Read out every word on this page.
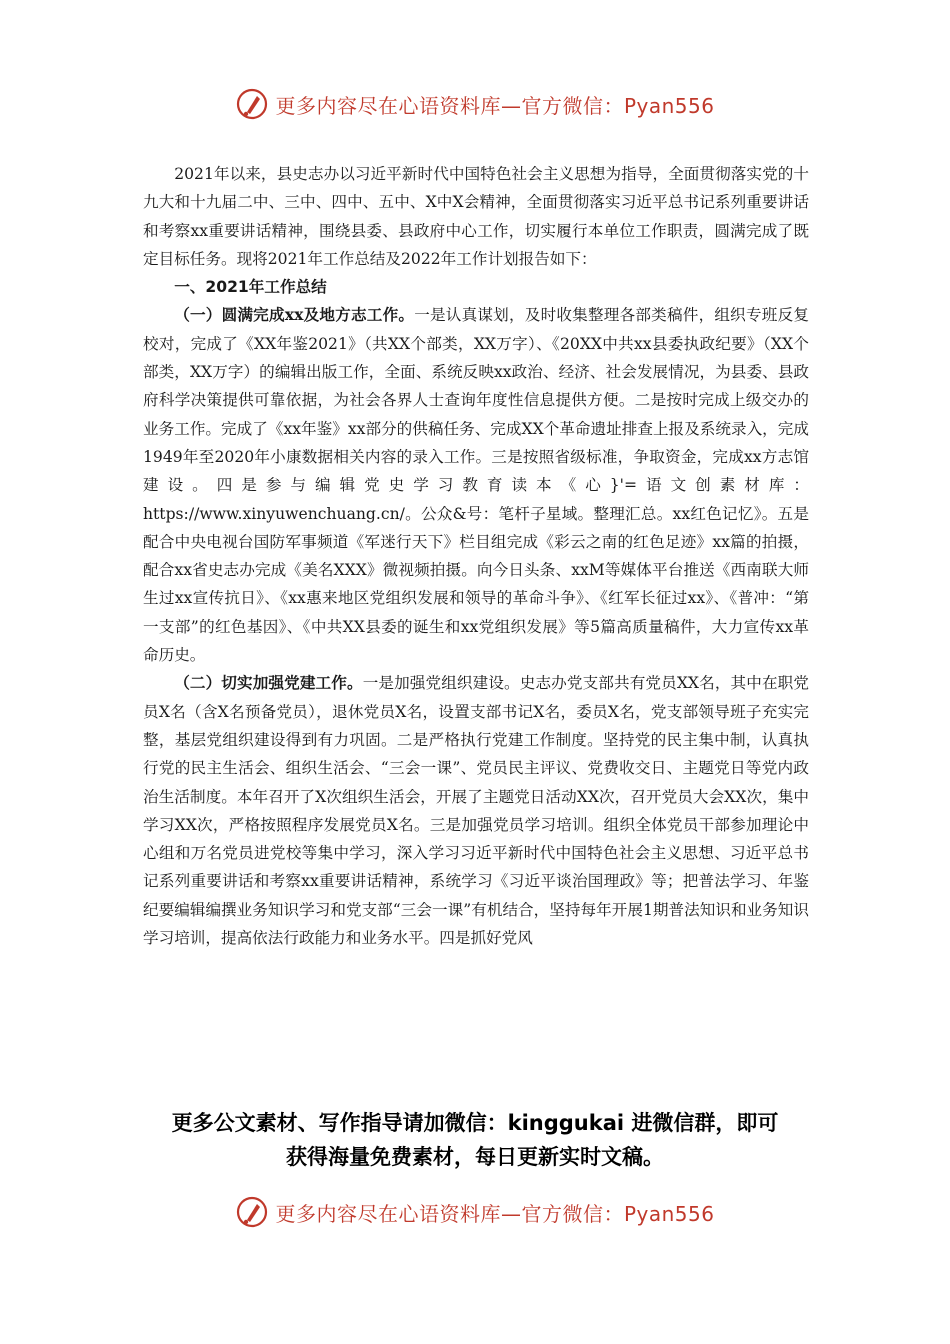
更多内容尽在心语资料库—官方微信：Pyan556

2021年以来，县史志办以习近平新时代中国特色社会主义思想为指导，全面贯彻落实党的十九大和十九届二中、三中、四中、五中、X中X会精神，全面贯彻落实习近平总书记系列重要讲话和考察xx重要讲话精神，围绕县委、县政府中心工作，切实履行本单位工作职责，圆满完成了既定目标任务。现将2021年工作总结及2022年工作计划报告如下：

一、2021年工作总结

（一）圆满完成xx及地方志工作。一是认真谋划，及时收集整理各部类稿件，组织专班反复校对，完成了《XX年鉴2021》（共XX个部类，XX万字）、《20XX中共xx县委执政纪要》（XX个部类，XX万字）的编辑出版工作，全面、系统反映xx政治、经济、社会发展情况，为县委、县政府科学决策提供可靠依据，为社会各界人士查询年度性信息提供方便。二是按时完成上级交办的业务工作。完成了《xx年鉴》xx部分的供稿任务、完成XX个革命遗址排查上报及系统录入，完成1949年至2020年小康数据相关内容的录入工作。三是按照省级标准，争取资金，完成xx方志馆建设。四是参与编辑党史学习教育读本《心}'=语文创素材库：https://www.xinyuwenchuang.cn/。公众&号：笔杆子星域。整理汇总。xx红色记忆》。五是配合中央电视台国防军事频道《军迷行天下》栏目组完成《彩云之南的红色足迹》xx篇的拍摄，配合xx省史志办完成《美名XXX》微视频拍摄。向今日头条、xxM等媒体平台推送《西南联大师生过xx宣传抗日》、《xx惠来地区党组织发展和领导的革命斗争》、《红军长征过xx》、《普冲：“第一支部”的红色基因》、《中共XX县委的诞生和xx党组织发展》等5篇高质量稿件，大力宣传xx革命历史。

（二）切实加强党建工作。一是加强党组织建设。史志办党支部共有党员XX名，其中在职党员X名（含X名预备党员），退休党员X名，设置支部书记X名，委员X名，党支部领导班子充实完整，基层党组织建设得到有力巩固。二是严格执行党建工作制度。坚持党的民主集中制，认真执行党的民主生活会、组织生活会、“三会一课”、党员民主评议、党费收交日、主题党日等党内政治生活制度。本年召开了X次组织生活会，开展了主题党日活动XX次，召开党员大会XX次，集中学习XX次，严格按照程序发展党员X名。三是加强党员学习培训。组织全体党员干部参加理论中心组和万名党员进党校等集中学习，深入学习习近平新时代中国特色社会主义思想、习近平总书记系列重要讲话和考察xx重要讲话精神，系统学习《习近平谈治国理政》等；把普法学习、年鉴纪要编辑编撰业务知识学习和党支部“三会一课”有机结合，坚持每年开展1期普法知识和业务知识学习培训，提高依法行政能力和业务水平。四是抓好党风

更多公文素材、写作指导请加微信：kinggukai 进微信群，即可
获得海量免费素材，每日更新实时文稿。
更多内容尽在心语资料库—官方微信：Pyan556
